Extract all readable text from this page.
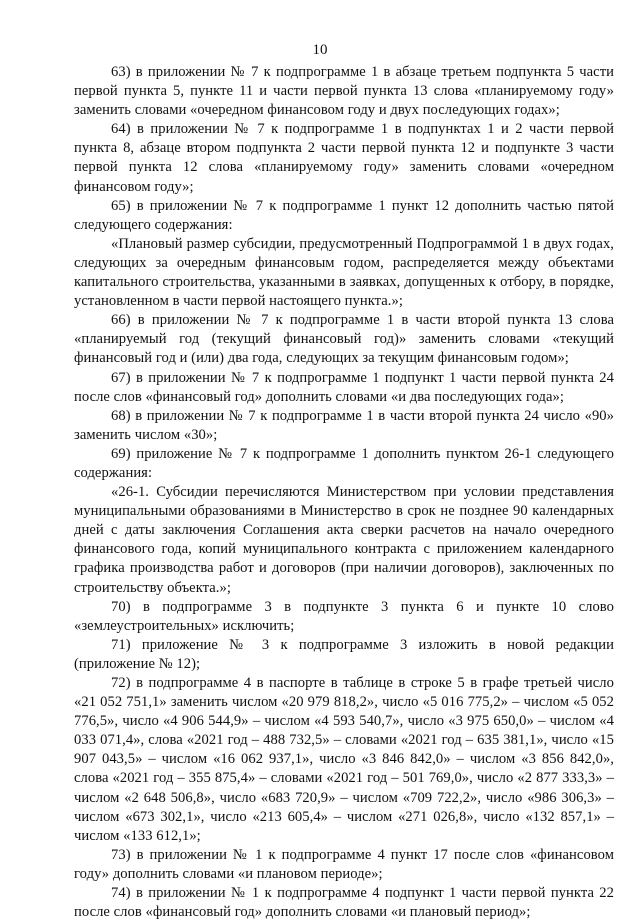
10

63) в приложении № 7 к подпрограмме 1 в абзаце третьем подпункта 5 части первой пункта 5, пункте 11 и части первой пункта 13 слова «планируемому году» заменить словами «очередном финансовом году и двух последующих годах»;

64) в приложении № 7 к подпрограмме 1 в подпунктах 1 и 2 части первой пункта 8, абзаце втором подпункта 2 части первой пункта 12 и подпункте 3 части первой пункта 12 слова «планируемому году» заменить словами «очередном финансовом году»;

65) в приложении № 7 к подпрограмме 1 пункт 12 дополнить частью пятой следующего содержания:

«Плановый размер субсидии, предусмотренный Подпрограммой 1 в двух годах, следующих за очередным финансовым годом, распределяется между объектами капитального строительства, указанными в заявках, допущенных к отбору, в порядке, установленном в части первой настоящего пункта.»;

66) в приложении № 7 к подпрограмме 1 в части второй пункта 13 слова «планируемый год (текущий финансовый год)» заменить словами «текущий финансовый год и (или) два года, следующих за текущим финансовым годом»;

67) в приложении № 7 к подпрограмме 1 подпункт 1 части первой пункта 24 после слов «финансовый год» дополнить словами «и два последующих года»;

68) в приложении № 7 к подпрограмме 1 в части второй пункта 24 число «90» заменить числом «30»;

69) приложение № 7 к подпрограмме 1 дополнить пунктом 26-1 следующего содержания:

«26-1. Субсидии перечисляются Министерством при условии представления муниципальными образованиями в Министерство в срок не позднее 90 календарных дней с даты заключения Соглашения акта сверки расчетов на начало очередного финансового года, копий муниципального контракта с приложением календарного графика производства работ и договоров (при наличии договоров), заключенных по строительству объекта.»;

70) в подпрограмме 3 в подпункте 3 пункта 6 и пункте 10 слово «землеустроительных» исключить;

71) приложение № 3 к подпрограмме 3 изложить в новой редакции (приложение № 12);

72) в подпрограмме 4 в паспорте в таблице в строке 5 в графе третьей число «21 052 751,1» заменить числом «20 979 818,2», число «5 016 775,2» – числом «5 052 776,5», число «4 906 544,9» – числом «4 593 540,7», число «3 975 650,0» – числом «4 033 071,4», слова «2021 год – 488 732,5» – словами «2021 год – 635 381,1», число «15 907 043,5» – числом «16 062 937,1», число «3 846 842,0» – числом «3 856 842,0», слова «2021 год – 355 875,4» – словами «2021 год – 501 769,0», число «2 877 333,3» – числом «2 648 506,8», число «683 720,9» – числом «709 722,2», число «986 306,3» – числом «673 302,1», число «213 605,4» – числом «271 026,8», число «132 857,1» – числом «133 612,1»;

73) в приложении № 1 к подпрограмме 4 пункт 17 после слов «финансовом году» дополнить словами «и плановом периоде»;

74) в приложении № 1 к подпрограмме 4 подпункт 1 части первой пункта 22 после слов «финансовый год» дополнить словами «и плановый период»;
